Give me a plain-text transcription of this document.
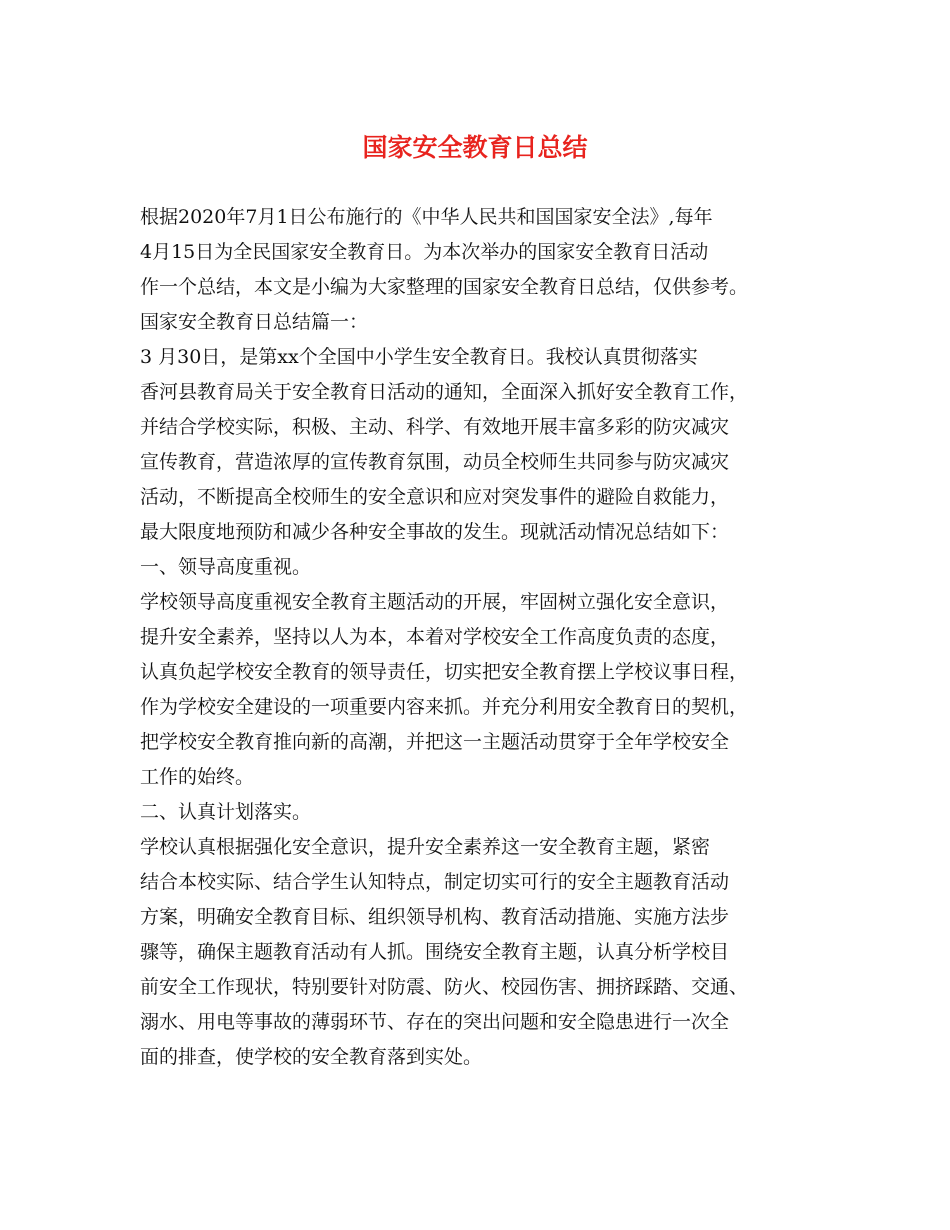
国家安全教育日总结
根据2020年7月1日公布施行的《中华人民共和国国家安全法》,每年
4月15日为全民国家安全教育日。为本次举办的国家安全教育日活动
作一个总结，本文是小编为大家整理的国家安全教育日总结，仅供参考。
国家安全教育日总结篇一：
3 月30日，是第xx个全国中小学生安全教育日。我校认真贯彻落实
香河县教育局关于安全教育日活动的通知，全面深入抓好安全教育工作，
并结合学校实际，积极、主动、科学、有效地开展丰富多彩的防灾减灾
宣传教育，营造浓厚的宣传教育氛围，动员全校师生共同参与防灾减灾
活动，不断提高全校师生的安全意识和应对突发事件的避险自救能力，
最大限度地预防和减少各种安全事故的发生。现就活动情况总结如下：
一、领导高度重视。
学校领导高度重视安全教育主题活动的开展，牢固树立强化安全意识，
提升安全素养，坚持以人为本，本着对学校安全工作高度负责的态度，
认真负起学校安全教育的领导责任，切实把安全教育摆上学校议事日程，
作为学校安全建设的一项重要内容来抓。并充分利用安全教育日的契机，
把学校安全教育推向新的高潮，并把这一主题活动贯穿于全年学校安全
工作的始终。
二、认真计划落实。
学校认真根据强化安全意识，提升安全素养这一安全教育主题，紧密
结合本校实际、结合学生认知特点，制定切实可行的安全主题教育活动
方案，明确安全教育目标、组织领导机构、教育活动措施、实施方法步
骤等，确保主题教育活动有人抓。围绕安全教育主题，认真分析学校目
前安全工作现状，特别要针对防震、防火、校园伤害、拥挤踩踏、交通、
溺水、用电等事故的薄弱环节、存在的突出问题和安全隐患进行一次全
面的排查，使学校的安全教育落到实处。
